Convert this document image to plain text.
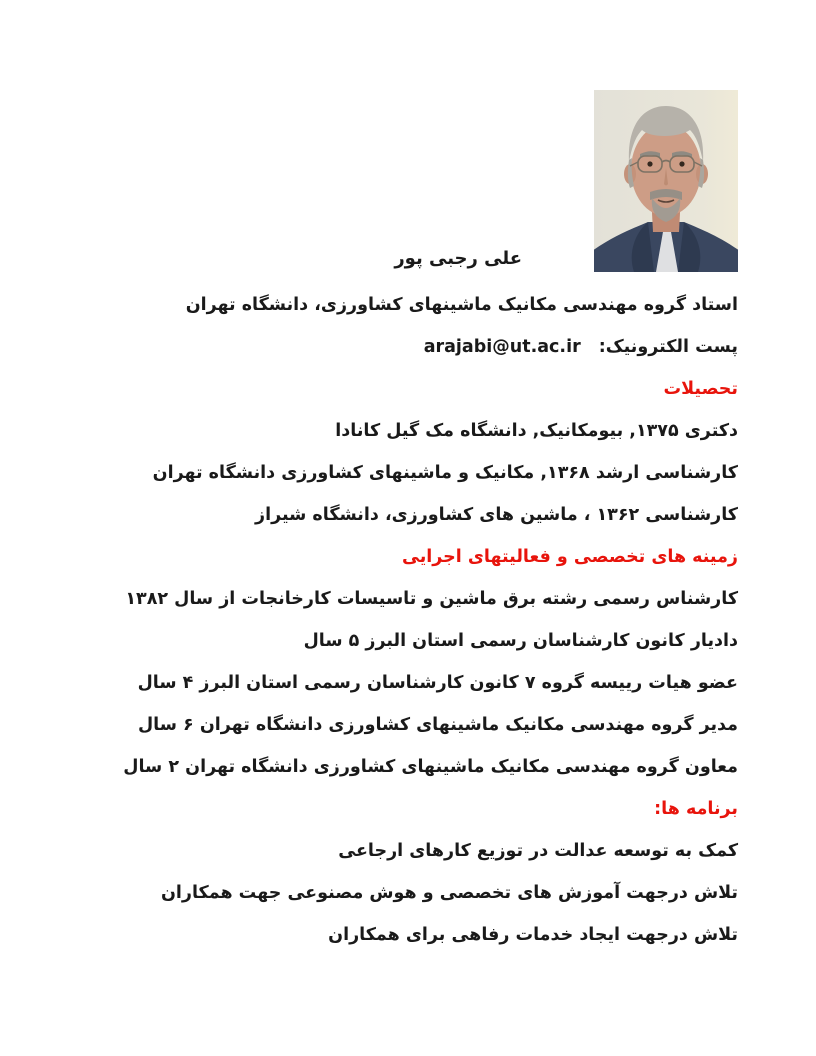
علی رجبی پور

استاد گروه مهندسی مکانیک ماشینهای کشاورزی، دانشگاه تهران

پست الکترونیک:arajabi@ut.ac.ir

تحصیلات

دکتری ۱۳۷۵, بیومکانیک, دانشگاه مک گیل کانادا

کارشناسی ارشد ۱۳۶۸, مکانیک و ماشینهای کشاورزی دانشگاه تهران

کارشناسی ۱۳۶۲ ، ماشین های کشاورزی، دانشگاه شیراز

زمینه های تخصصی و فعالیتهای اجرایی

کارشناس رسمی رشته برق ماشین و تاسیسات کارخانجات از سال ۱۳۸۲

دادیار کانون کارشناسان رسمی استان البرز ۵ سال

عضو هیات رییسه گروه ۷ کانون کارشناسان رسمی استان البرز ۴ سال

مدیر گروه مهندسی مکانیک ماشینهای کشاورزی دانشگاه تهران ۶ سال

معاون گروه مهندسی مکانیک ماشینهای کشاورزی دانشگاه تهران ۲ سال

برنامه ها:

کمک به توسعه عدالت در توزیع کارهای ارجاعی

تلاش درجهت آموزش های تخصصی و هوش مصنوعی جهت همکاران

تلاش درجهت ایجاد خدمات رفاهی برای همکاران
